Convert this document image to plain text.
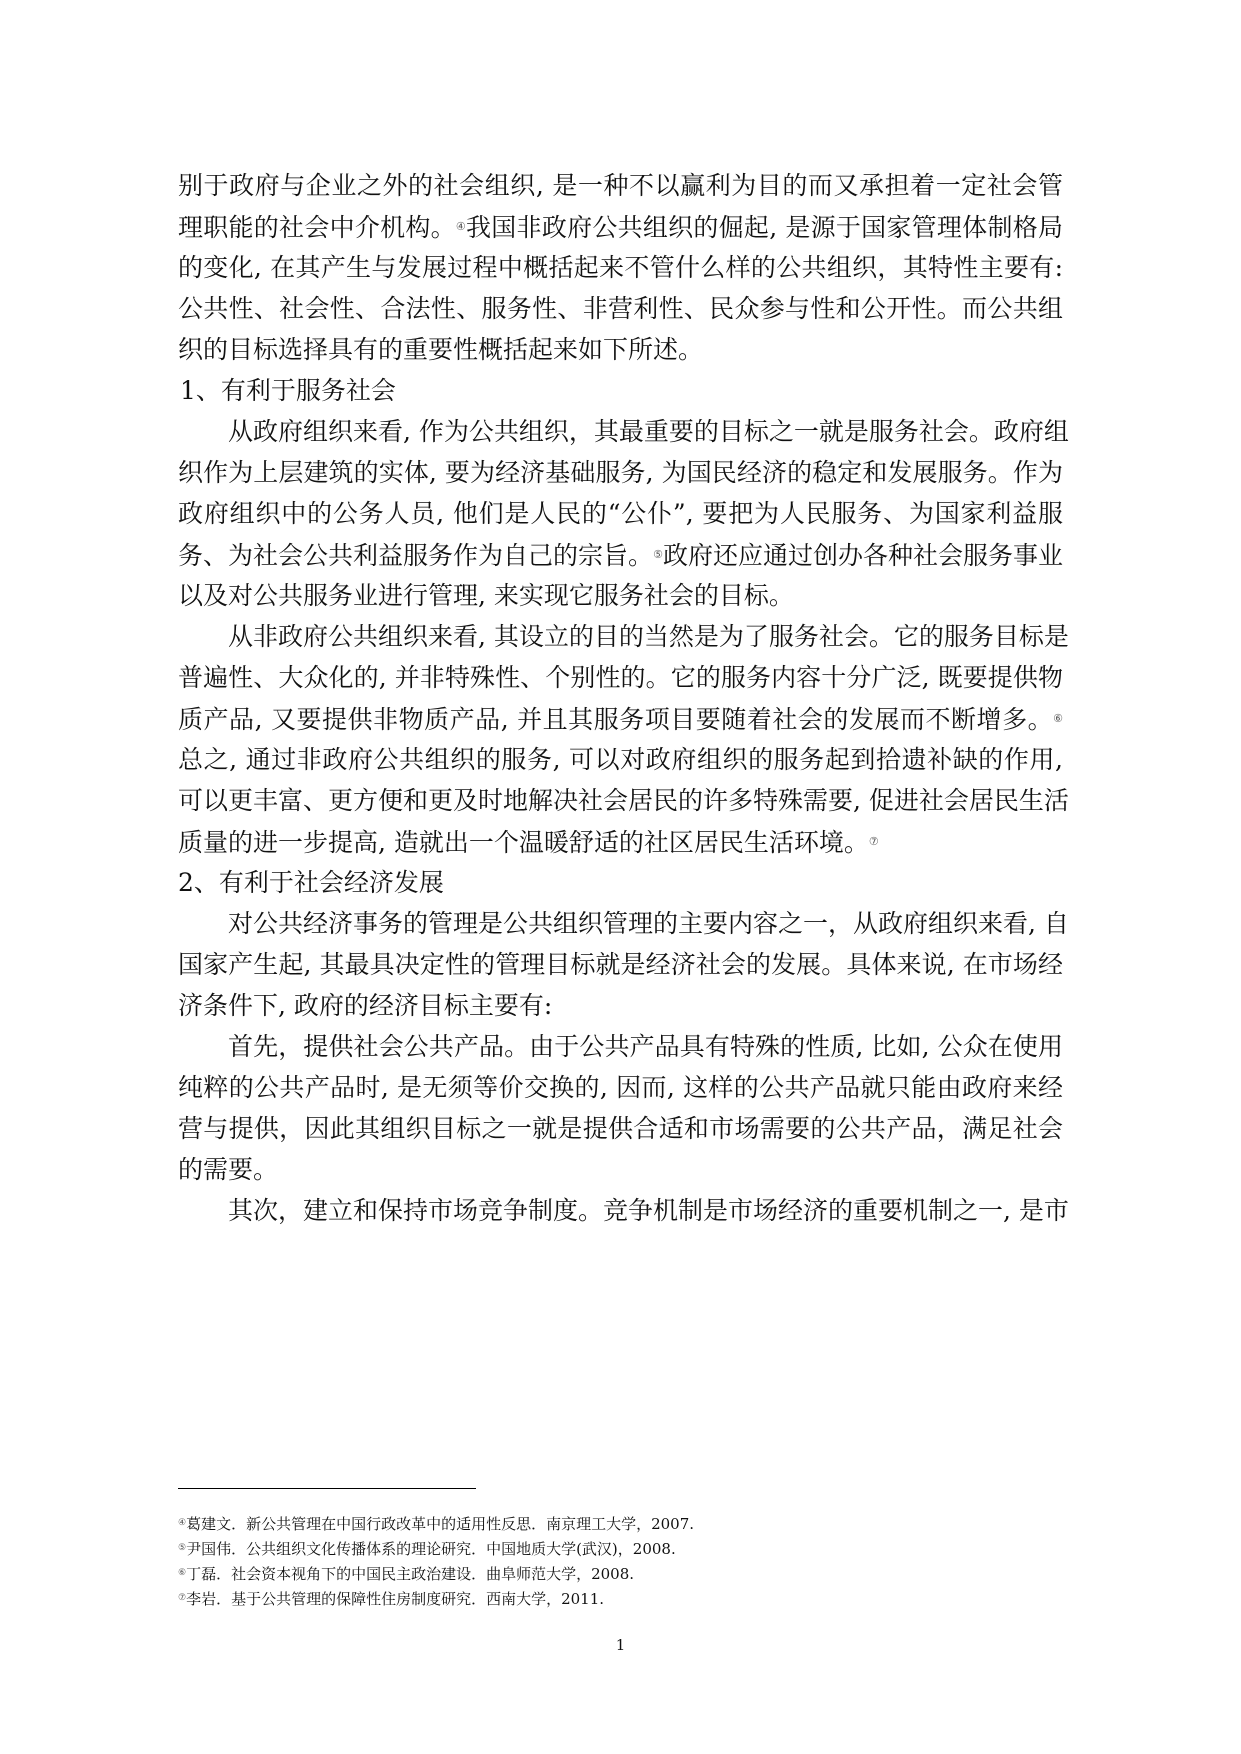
别于政府与企业之外的社会组织, 是一种不以赢利为目的而又承担着一定社会管
理职能的社会中介机构。④我国非政府公共组织的倔起, 是源于国家管理体制格局
的变化, 在其产生与发展过程中概括起来不管什么样的公共组织，其特性主要有:
公共性、社会性、合法性、服务性、非营利性、民众参与性和公开性。而公共组
织的目标选择具有的重要性概括起来如下所述。
1、有利于服务社会
从政府组织来看, 作为公共组织，其最重要的目标之一就是服务社会。政府组
织作为上层建筑的实体, 要为经济基础服务, 为国民经济的稳定和发展服务。作为
政府组织中的公务人员, 他们是人民的“公仆”, 要把为人民服务、为国家利益服
务、为社会公共利益服务作为自己的宗旨。⑤政府还应通过创办各种社会服务事业
以及对公共服务业进行管理, 来实现它服务社会的目标。
从非政府公共组织来看, 其设立的目的当然是为了服务社会。它的服务目标是
普遍性、大众化的, 并非特殊性、个别性的。它的服务内容十分广泛, 既要提供物
质产品, 又要提供非物质产品, 并且其服务项目要随着社会的发展而不断增多。⑥
总之, 通过非政府公共组织的服务, 可以对政府组织的服务起到拾遗补缺的作用,
可以更丰富、更方便和更及时地解决社会居民的许多特殊需要, 促进社会居民生活
质量的进一步提高, 造就出一个温暖舒适的社区居民生活环境。⑦
2、有利于社会经济发展
对公共经济事务的管理是公共组织管理的主要内容之一，从政府组织来看, 自
国家产生起, 其最具决定性的管理目标就是经济社会的发展。具体来说, 在市场经
济条件下, 政府的经济目标主要有:
首先，提供社会公共产品。由于公共产品具有特殊的性质, 比如, 公众在使用
纯粹的公共产品时, 是无须等价交换的, 因而, 这样的公共产品就只能由政府来经
营与提供，因此其组织目标之一就是提供合适和市场需要的公共产品，满足社会
的需要。
其次，建立和保持市场竞争制度。竞争机制是市场经济的重要机制之一, 是市
④葛建文．新公共管理在中国行政改革中的适用性反思．南京理工大学，2007.
⑤尹国伟．公共组织文化传播体系的理论研究．中国地质大学(武汉)，2008.
⑥丁磊．社会资本视角下的中国民主政治建设．曲阜师范大学，2008.
⑦李岩．基于公共管理的保障性住房制度研究．西南大学，2011.
1
